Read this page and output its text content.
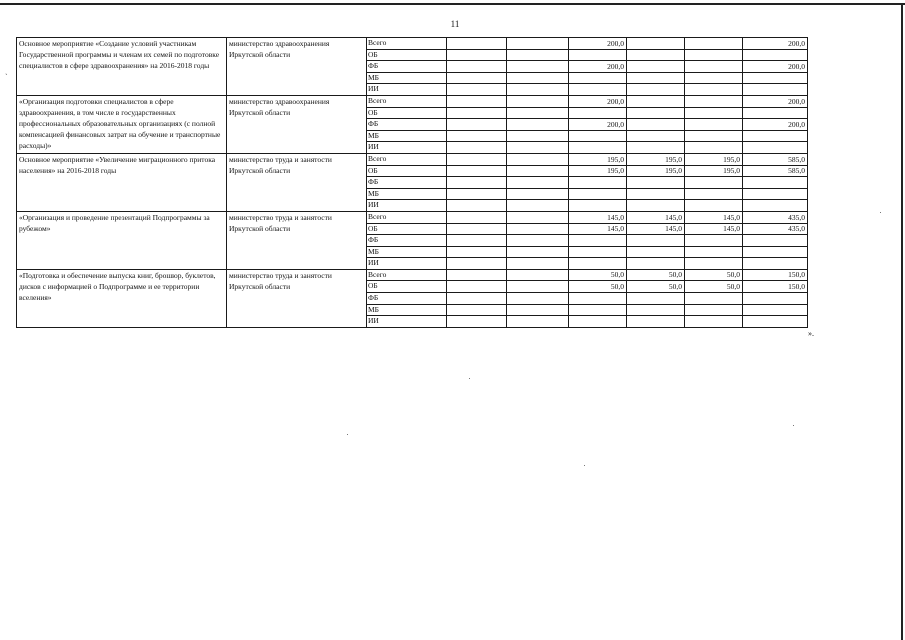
11
ˎ
Основное мероприятие «Создание условий участникам Государственной программы и членам их семей по подготовке специалистов в сфере здравоохранения» на 2016-2018 годы	министерство здравоохранения Иркутской области	Всего			200,0			200,0
		ОБ						
		ФБ			200,0			200,0
		МБ						
		ИИ						
«Организация подготовки специалистов в сфере здравоохранения, в том числе в государственных профессиональных образовательных организациях (с полной компенсацией финансовых затрат на обучение и транспортные расходы)»	министерство здравоохранения Иркутской области	Всего			200,0			200,0
		ОБ						
		ФБ			200,0			200,0
		МБ						
		ИИ						
Основное мероприятие «Увеличение миграционного притока населения» на 2016-2018 годы	министерство труда и занятости Иркутской области	Всего			195,0	195,0	195,0	585,0
		ОБ			195,0	195,0	195,0	585,0
		ФБ						
		МБ						
		ИИ						
«Организация и проведение презентаций Подпрограммы за рубежом»	министерство труда и занятости Иркутской области	Всего			145,0	145,0	145,0	435,0
		ОБ			145,0	145,0	145,0	435,0
		ФБ						
		МБ						
		ИИ						
«Подготовка и обеспечение выпуска книг, брошюр, буклетов, дисков с информацией о Подпрограмме и ее территории вселения»	министерство труда и занятости Иркутской области	Всего			50,0	50,0	50,0	150,0
		ОБ			50,0	50,0	50,0	150,0
		ФБ						
		МБ						
		ИИ						
».
